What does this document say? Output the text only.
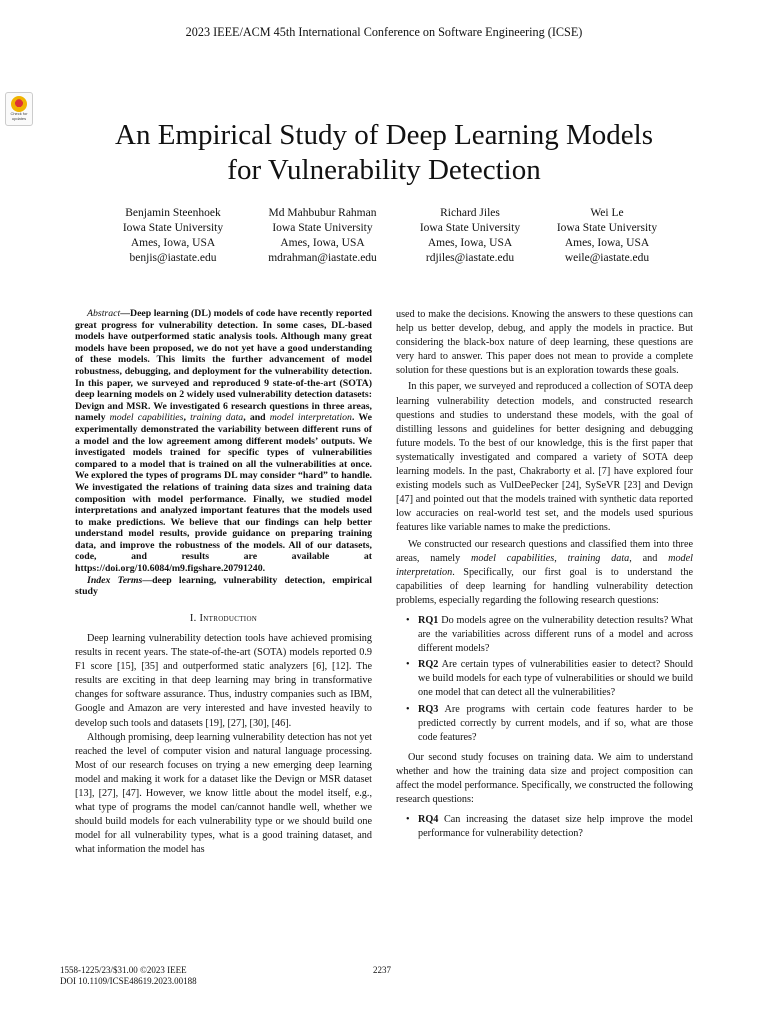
2023 IEEE/ACM 45th International Conference on Software Engineering (ICSE)
Check for updates
An Empirical Study of Deep Learning Models
for Vulnerability Detection
Benjamin Steenhoek
Iowa State University
Ames, Iowa, USA
benjis@iastate.edu
Md Mahbubur Rahman
Iowa State University
Ames, Iowa, USA
mdrahman@iastate.edu
Richard Jiles
Iowa State University
Ames, Iowa, USA
rdjiles@iastate.edu
Wei Le
Iowa State University
Ames, Iowa, USA
weile@iastate.edu

Abstract—Deep learning (DL) models of code have recently reported great progress for vulnerability detection. In some cases, DL-based models have outperformed static analysis tools. Although many great models have been proposed, we do not yet have a good understanding of these models. This limits the further advancement of model robustness, debugging, and deployment for the vulnerability detection. In this paper, we surveyed and reproduced 9 state-of-the-art (SOTA) deep learning models on 2 widely used vulnerability detection datasets: Devign and MSR. We investigated 6 research questions in three areas, namely model capabilities, training data, and model interpretation. We experimentally demonstrated the variability between different runs of a model and the low agreement among different models’ outputs. We investigated models trained for specific types of vulnerabilities compared to a model that is trained on all the vulnerabilities at once. We explored the types of programs DL may consider “hard” to handle. We investigated the relations of training data sizes and training data composition with model performance. Finally, we studied model interpretations and analyzed important features that the models used to make predictions. We believe that our findings can help better understand model results, provide guidance on preparing training data, and improve the robustness of the models. All of our datasets, code, and results are available at https://doi.org/10.6084/m9.figshare.20791240.

Index Terms—deep learning, vulnerability detection, empirical study

I. Introduction

Deep learning vulnerability detection tools have achieved promising results in recent years. The state-of-the-art (SOTA) models reported 0.9 F1 score [15], [35] and outperformed static analyzers [6], [12]. The results are exciting in that deep learning may bring in transformative changes for software assurance. Thus, industry companies such as IBM, Google and Amazon are very interested and have invested heavily to develop such tools and datasets [19], [27], [30], [46].

Although promising, deep learning vulnerability detection has not yet reached the level of computer vision and natural language processing. Most of our research focuses on trying a new emerging deep learning model and making it work for a dataset like the Devign or MSR dataset [13], [27], [47]. However, we know little about the model itself, e.g., what type of programs the model can/cannot handle well, whether we should build models for each vulnerability type or we should build one model for all vulnerability types, what is a good training dataset, and what information the model has

used to make the decisions. Knowing the answers to these questions can help us better develop, debug, and apply the models in practice. But considering the black-box nature of deep learning, these questions are very hard to answer. This paper does not mean to provide a complete solution for these questions but is an exploration towards these goals.

In this paper, we surveyed and reproduced a collection of SOTA deep learning vulnerability detection models, and constructed research questions and studies to understand these models, with the goal of distilling lessons and guidelines for better designing and debugging future models. To the best of our knowledge, this is the first paper that systematically investigated and compared a variety of SOTA deep learning models. In the past, Chakraborty et al. [7] have explored four existing models such as VulDeePecker [24], SySeVR [23] and Devign [47] and pointed out that the models trained with synthetic data reported low accuracies on real-world test set, and the models used spurious features like variable names to make the predictions.

We constructed our research questions and classified them into three areas, namely model capabilities, training data, and model interpretation. Specifically, our first goal is to understand the capabilities of deep learning for handling vulnerability detection problems, especially regarding the following research questions:

• RQ1 Do models agree on the vulnerability detection results? What are the variabilities across different runs of a model and across different models?
• RQ2 Are certain types of vulnerabilities easier to detect? Should we build models for each type of vulnerabilities or should we build one model that can detect all the vulnerabilities?
• RQ3 Are programs with certain code features harder to be predicted correctly by current models, and if so, what are those code features?

Our second study focuses on training data. We aim to understand whether and how the training data size and project composition can affect the model performance. Specifically, we constructed the following research questions:

• RQ4 Can increasing the dataset size help improve the model performance for vulnerability detection?
1558-1225/23/$31.00 ©2023 IEEE
DOI 10.1109/ICSE48619.2023.00188
2237
